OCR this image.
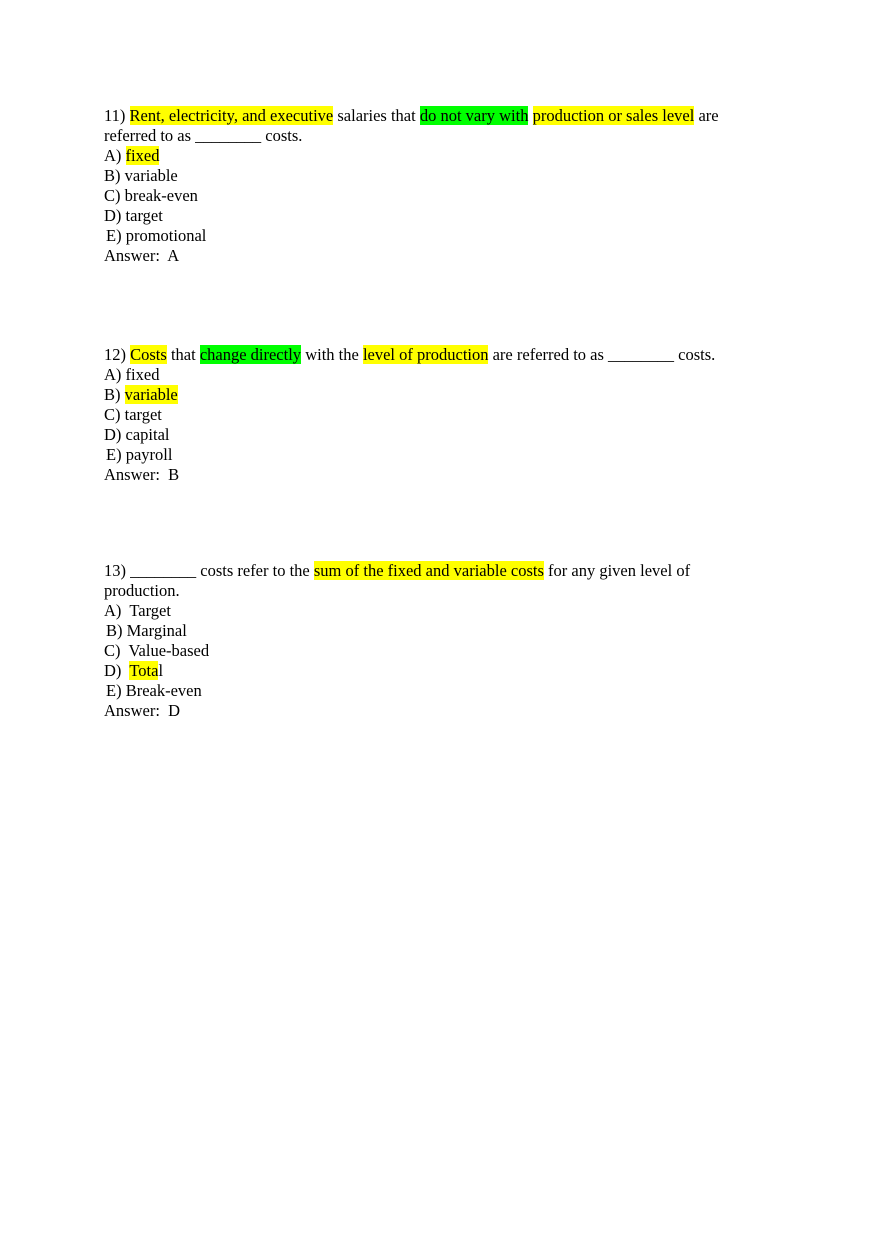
11) Rent, electricity, and executive salaries that do not vary with production or sales level are
referred to as ________ costs.
A) fixed
B) variable
C) break-even
D) target
E) promotional
Answer:  A
12) Costs that change directly with the level of production are referred to as ________ costs.
A) fixed
B) variable
C) target
D) capital
E) payroll
Answer:  B
13) ________ costs refer to the sum of the fixed and variable costs for any given level of
production.
A)  Target
B) Marginal
C)  Value-based
D)  Total
E) Break-even
Answer:  D
